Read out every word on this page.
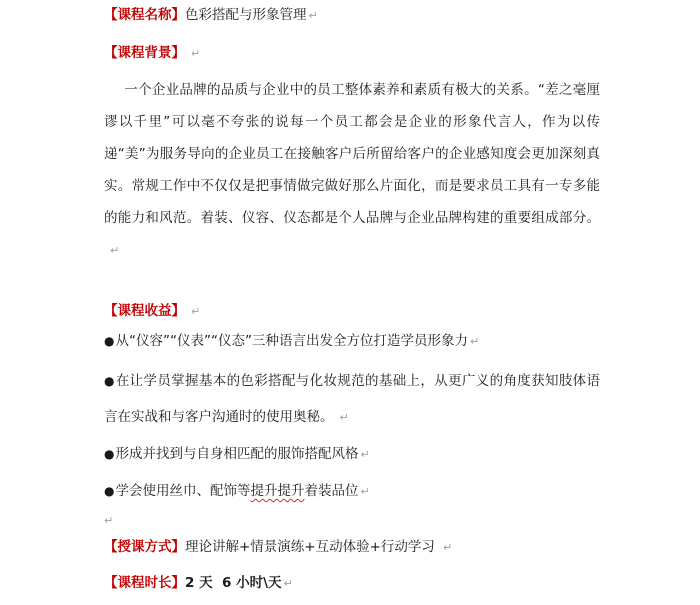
【课程名称】色彩搭配与形象管理 ↵
【课程背景】 ↵
一个企业品牌的品质与企业中的员工整体素养和素质有极大的关系。“差之毫厘谬以千里”可以毫不夸张的说每一个员工都会是企业的形象代言人，作为以传递“美”为服务导向的企业员工在接触客户后所留给客户的企业感知度会更加深刻真实。常规工作中不仅仅是把事情做完做好那么片面化，而是要求员工具有一专多能的能力和风范。着装、仪容、仪态都是个人品牌与企业品牌构建的重要组成部分。↵
【课程收益】 ↵
●从“仪容”“仪表”“仪态”三种语言出发全方位打造学员形象力 ↵
●在让学员掌握基本的色彩搭配与化妆规范的基础上，从更广义的角度获知肢体语言在实战和与客户沟通时的使用奥秘。 ↵
●形成并找到与自身相匹配的服饰搭配风格 ↵
●学会使用丝巾、配饰等提升提升着装品位 ↵
↵
【授课方式】理论讲解+情景演练+互动体验+行动学习 ↵
【课程时长】2 天  6 小时\天 ↵
